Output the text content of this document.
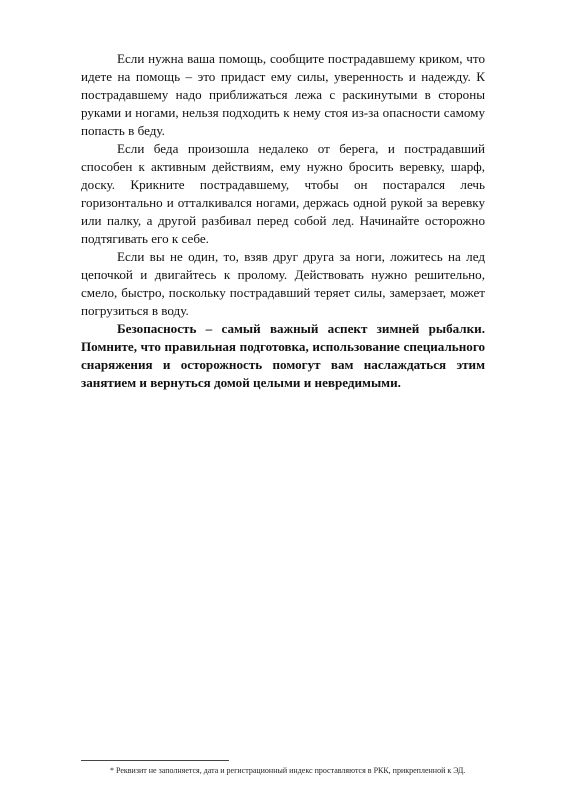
Если нужна ваша помощь, сообщите пострадавшему криком, что идете на помощь – это придаст ему силы, уверенность и надежду. К пострадавшему надо приближаться лежа с раскинутыми в стороны руками и ногами, нельзя подходить к нему стоя из-за опасности самому попасть в беду.

Если беда произошла недалеко от берега, и пострадавший способен к активным действиям, ему нужно бросить веревку, шарф, доску. Крикните пострадавшему, чтобы он постарался лечь горизонтально и отталкивался ногами, держась одной рукой за веревку или палку, а другой разбивал перед собой лед. Начинайте осторожно подтягивать его к себе.

Если вы не один, то, взяв друг друга за ноги, ложитесь на лед цепочкой и двигайтесь к пролому. Действовать нужно решительно, смело, быстро, поскольку пострадавший теряет силы, замерзает, может погрузиться в воду.

Безопасность – самый важный аспект зимней рыбалки. Помните, что правильная подготовка, использование специального снаряжения и осторожность помогут вам наслаждаться этим занятием и вернуться домой целыми и невредимыми.

* Реквизит не заполняется, дата и регистрационный индекс проставляются в РКК, прикрепленной к ЭД.
